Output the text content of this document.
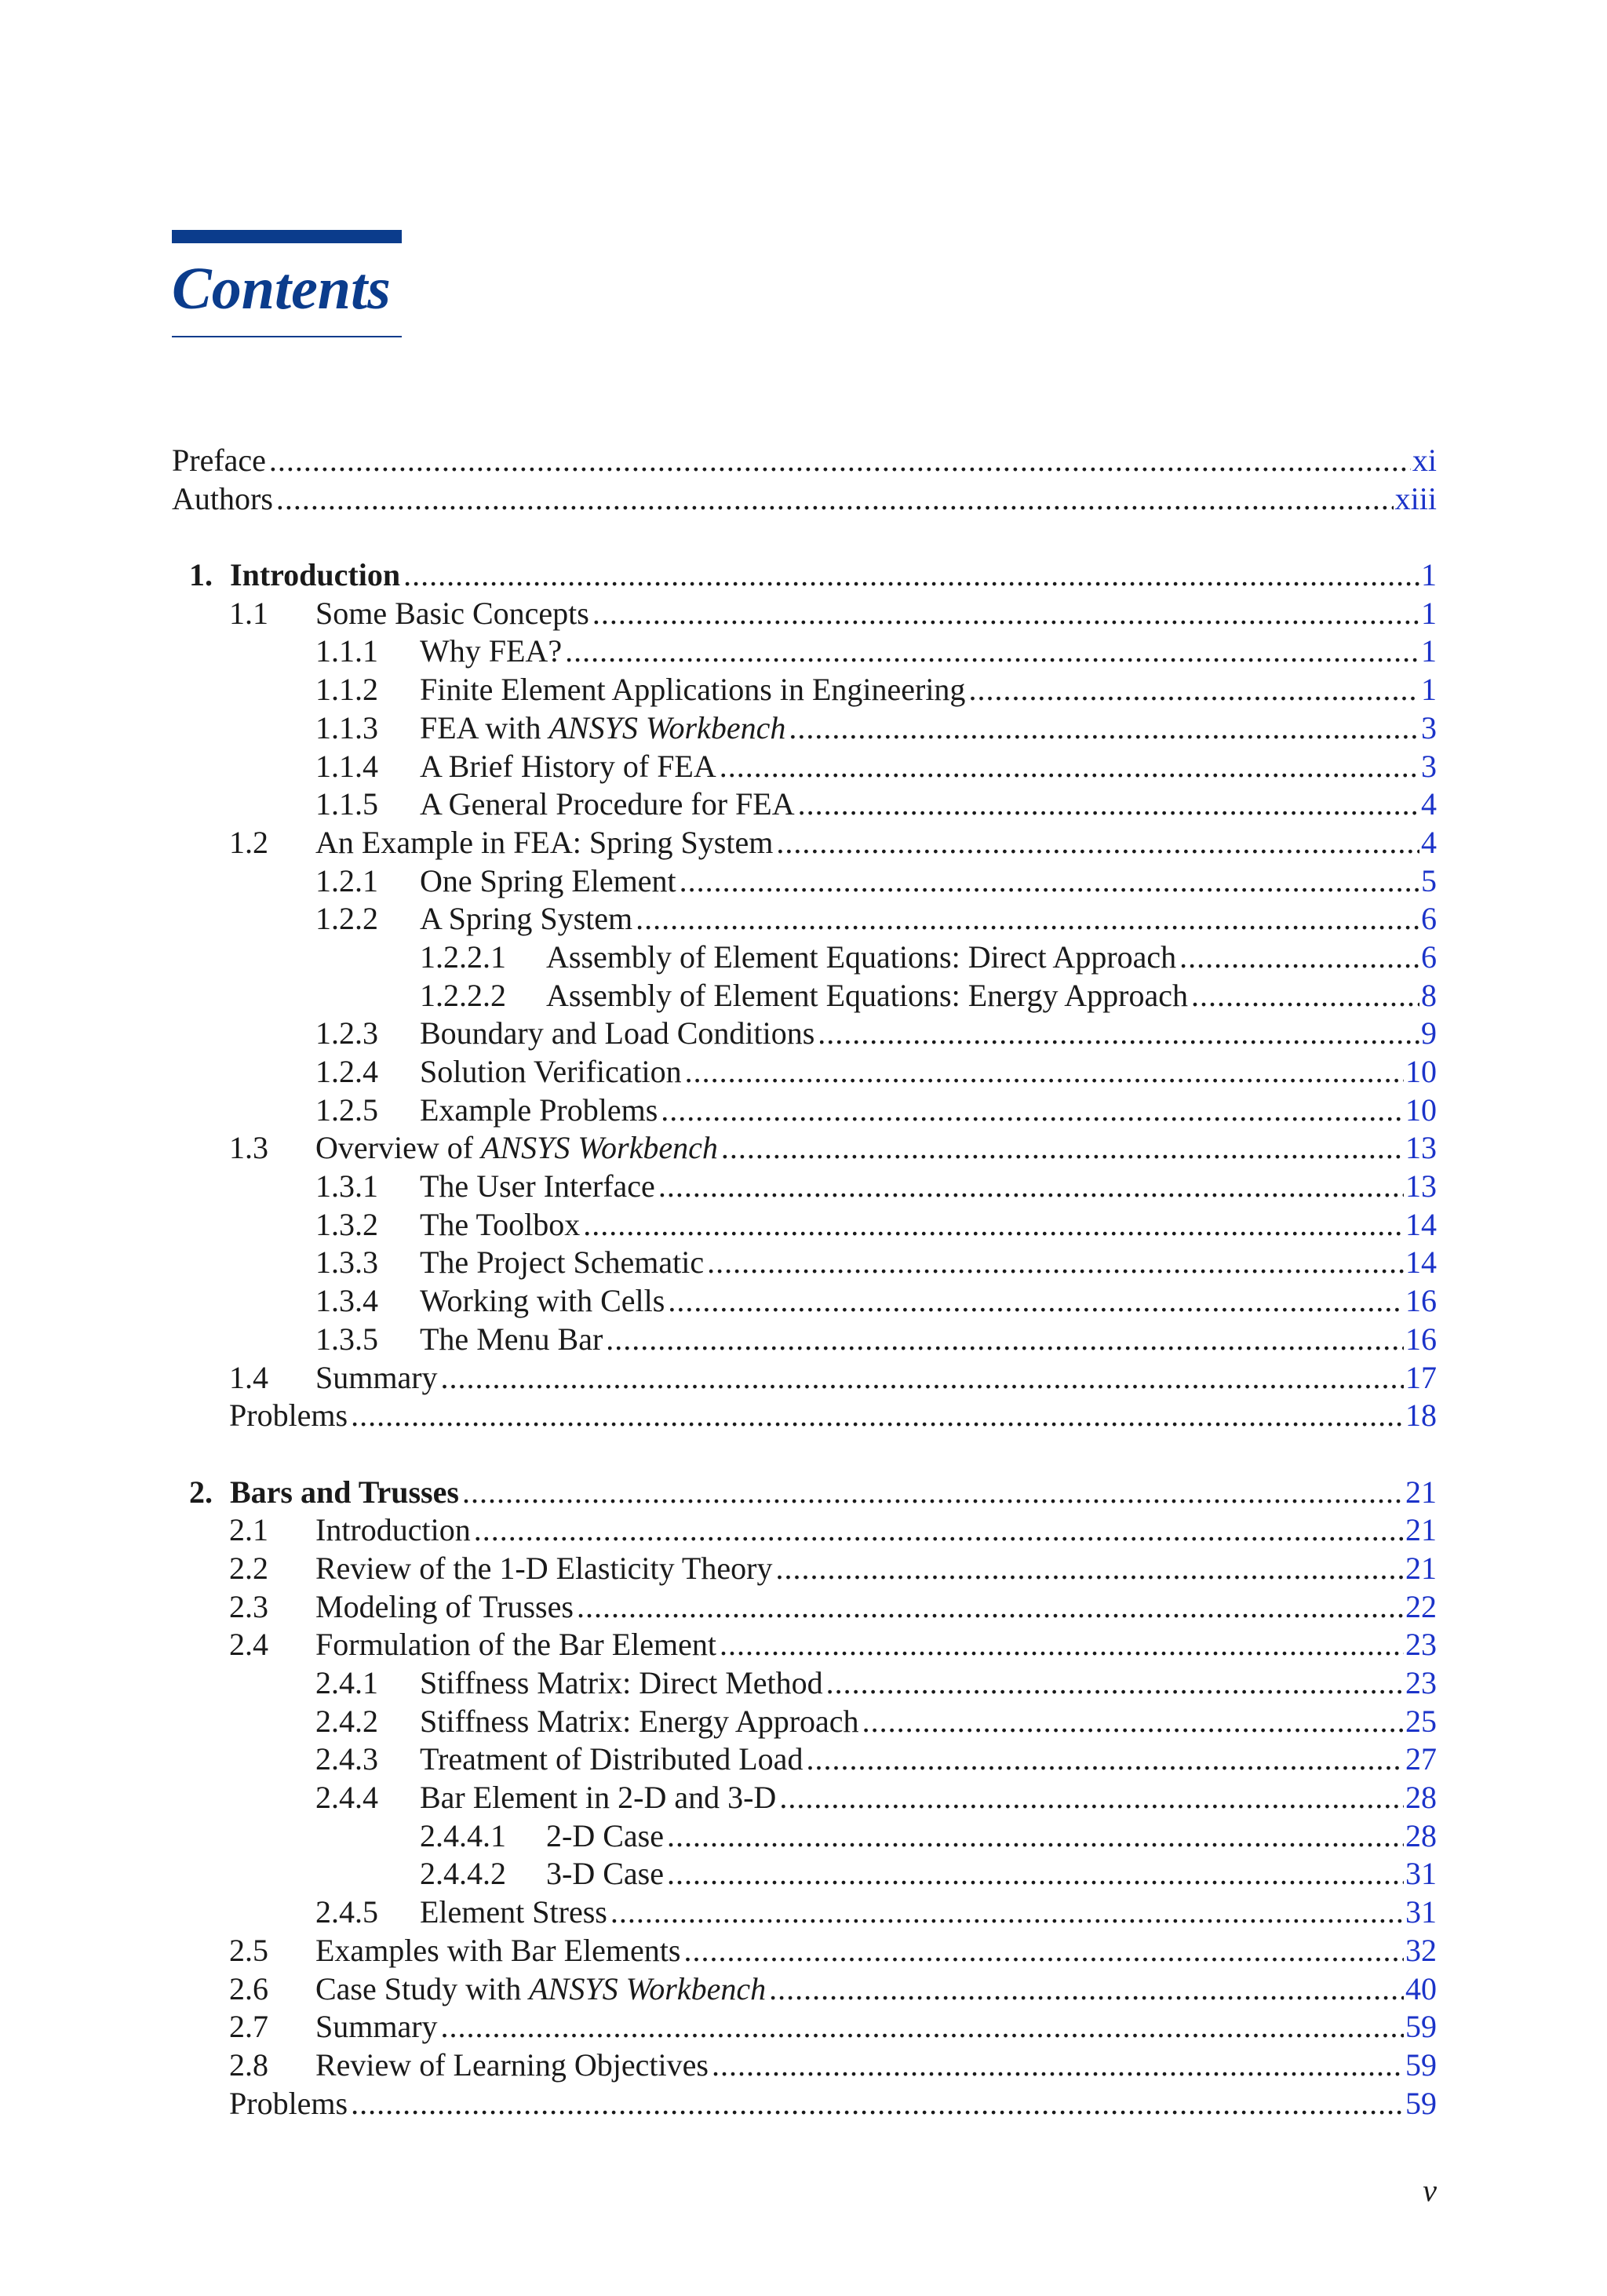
Contents
Preface .....	xi
Authors .....	xiii
1. Introduction .....	1
1.1 Some Basic Concepts .....	1
1.1.1 Why FEA? .....	1
1.1.2 Finite Element Applications in Engineering .....	1
1.1.3 FEA with ANSYS Workbench .....	3
1.1.4 A Brief History of FEA .....	3
1.1.5 A General Procedure for FEA .....	4
1.2 An Example in FEA: Spring System .....	4
1.2.1 One Spring Element .....	5
1.2.2 A Spring System .....	6
1.2.2.1 Assembly of Element Equations: Direct Approach .....	6
1.2.2.2 Assembly of Element Equations: Energy Approach .....	8
1.2.3 Boundary and Load Conditions .....	9
1.2.4 Solution Verification .....	10
1.2.5 Example Problems .....	10
1.3 Overview of ANSYS Workbench .....	13
1.3.1 The User Interface .....	13
1.3.2 The Toolbox .....	14
1.3.3 The Project Schematic .....	14
1.3.4 Working with Cells .....	16
1.3.5 The Menu Bar .....	16
1.4 Summary .....	17
Problems .....	18
2. Bars and Trusses .....	21
2.1 Introduction .....	21
2.2 Review of the 1-D Elasticity Theory .....	21
2.3 Modeling of Trusses .....	22
2.4 Formulation of the Bar Element .....	23
2.4.1 Stiffness Matrix: Direct Method .....	23
2.4.2 Stiffness Matrix: Energy Approach .....	25
2.4.3 Treatment of Distributed Load .....	27
2.4.4 Bar Element in 2-D and 3-D .....	28
2.4.4.1 2-D Case .....	28
2.4.4.2 3-D Case .....	31
2.4.5 Element Stress .....	31
2.5 Examples with Bar Elements .....	32
2.6 Case Study with ANSYS Workbench .....	40
2.7 Summary .....	59
2.8 Review of Learning Objectives .....	59
Problems .....	59
v
